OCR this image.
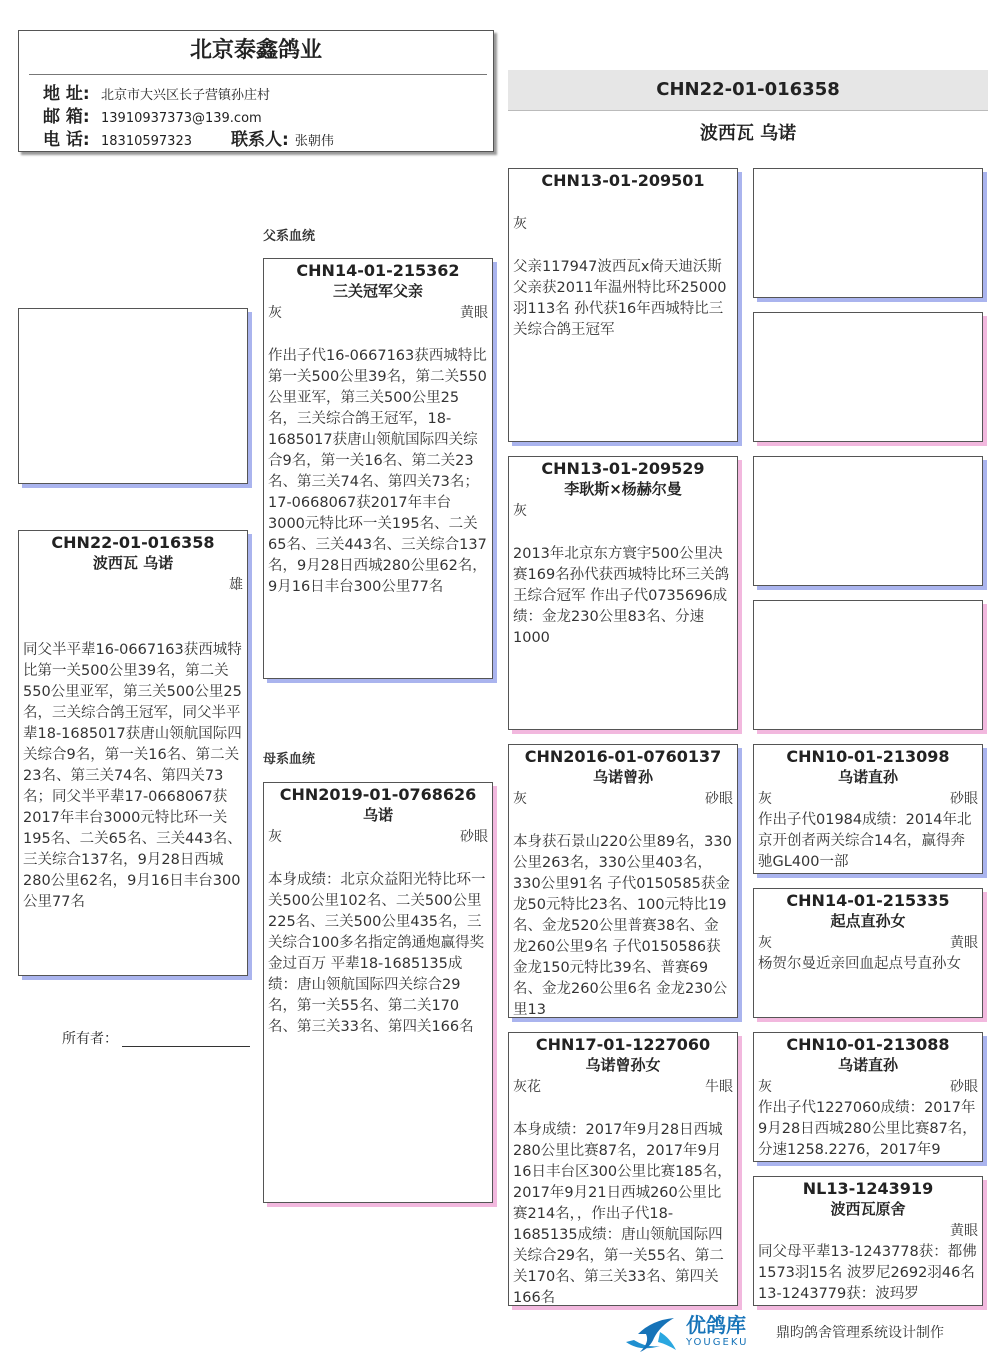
北京泰鑫鸽业
地 址: 北京市大兴区长子营镇孙庄村
邮 箱: 13910937373@139.com
电 话: 18310597323 联系人: 张朝伟
CHN22-01-016358
波西瓦 乌诺
CHN22-01-016358
波西瓦 乌诺
雄
同父半平辈16-0667163获西城特比第一关500公里39名，第二关550公里亚军，第三关500公里25名，三关综合鸽王冠军，同父半平辈18-1685017获唐山领航国际四关综合9名，第一关16名、第二关23名、第三关74名、第四关73名；同父半平辈17-0668067获2017年丰台3000元特比环一关195名、二关65名、三关443名、三关综合137名，9月28日西城280公里62名，9月16日丰台300公里77名
所有者：
父系血统
母系血统
CHN14-01-215362
三关冠军父亲
灰	黄眼
作出子代16-0667163获西城特比第一关500公里39名，第二关550公里亚军，第三关500公里25名，三关综合鸽王冠军，18-1685017获唐山领航国际四关综合9名，第一关16名、第二关23名、第三关74名、第四关73名；17-0668067获2017年丰台3000元特比环一关195名、二关65名、三关443名、三关综合137名，9月28日西城280公里62名，9月16日丰台300公里77名
CHN2019-01-0768626
乌诺
灰	砂眼
本身成绩：北京众益阳光特比环一关500公里102名、二关500公里225名、三关500公里435名，三关综合100多名指定鸽通炮赢得奖金过百万 平辈18-1685135成绩：唐山领航国际四关综合29名，第一关55名、第二关170名、第三关33名、第四关166名
CHN13-01-209501
灰
父亲117947波西瓦x倚天迪沃斯 父亲获2011年温州特比环25000羽113名 孙代获16年西城特比三关综合鸽王冠军
CHN13-01-209529
李耿斯×杨赫尔曼
灰
2013年北京东方寰宇500公里决赛169名孙代获西城特比环三关鸽王综合冠军 作出子代0735696成绩：金龙230公里83名、分速1000
CHN2016-01-0760137
乌诺曾孙
灰	砂眼
本身获石景山220公里89名，330公里263名，330公里403名，330公里91名 子代0150585获金龙50元特比23名、100元特比19名、金龙520公里普赛38名、金龙260公里9名 子代0150586获金龙150元特比39名、普赛69名、金龙260公里6名 金龙230公里13
CHN17-01-1227060
乌诺曾孙女
灰花	牛眼
本身成绩：2017年9月28日西城280公里比赛87名，2017年9月16日丰台区300公里比赛185名，2017年9月21日西城260公里比赛214名，，作出子代18-1685135成绩：唐山领航国际四关综合29名，第一关55名、第二关170名、第三关33名、第四关166名
CHN10-01-213098
乌诺直孙
灰	砂眼
作出子代01984成绩：2014年北京开创者两关综合14名，赢得奔驰GL400一部
CHN14-01-215335
起点直孙女
灰	黄眼
杨贺尔曼近亲回血起点号直孙女
CHN10-01-213088
乌诺直孙
灰	砂眼
作出子代1227060成绩：2017年9月28日西城280公里比赛87名，分速1258.2276，2017年9
NL13-1243919
波西瓦原舍
黄眼
同父母平辈13-1243778获：都佛1573羽15名 波罗尼2692羽46名 13-1243779获：波玛罗
优鸽库
YOUGEKU
鼎昀鸽舍管理系统设计制作
